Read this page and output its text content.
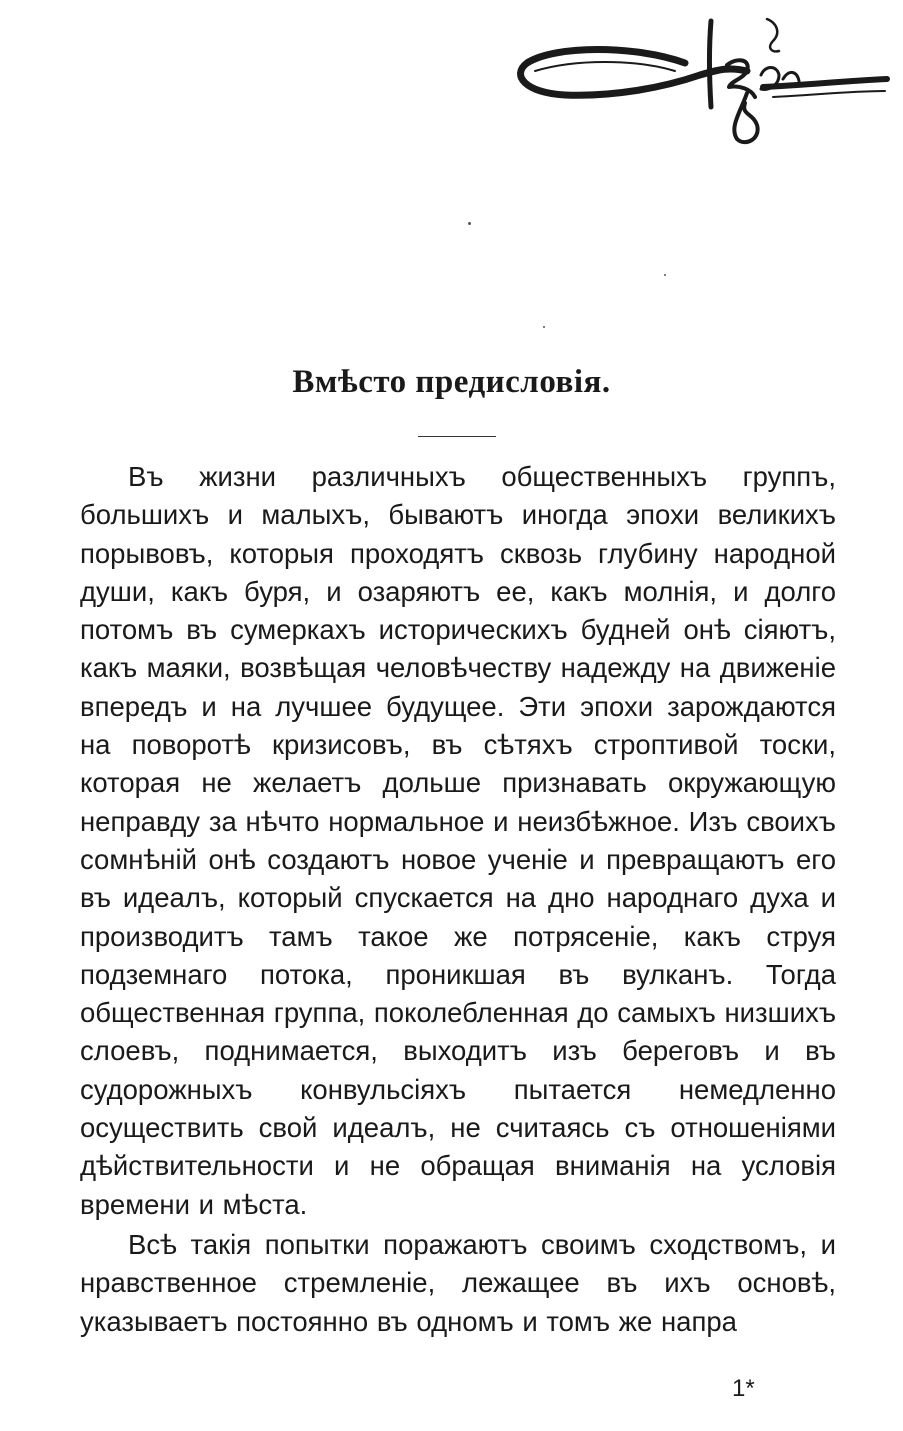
Вмѣсто предисловія.

Въ жизни различныхъ общественныхъ группъ, большихъ и малыхъ, бываютъ иногда эпохи великихъ порывовъ, которыя проходятъ сквозь глубину народной души, какъ буря, и озаряютъ ее, какъ молнія, и долго потомъ въ сумеркахъ историческихъ будней онѣ сіяютъ, какъ маяки, возвѣщая человѣчеству надежду на движеніе впередъ и на лучшее будущее. Эти эпохи зарождаются на поворотѣ кризисовъ, въ сѣтяхъ строптивой тоски, которая не желаетъ дольше признавать окружающую неправду за нѣчто нормальное и неизбѣжное. Изъ своихъ сомнѣній онѣ создаютъ новое ученіе и превращаютъ его въ идеалъ, который спускается на дно народнаго духа и производитъ тамъ такое же потрясеніе, какъ струя подземнаго потока, проникшая въ вулканъ. Тогда общественная группа, поколебленная до самыхъ низшихъ слоевъ, поднимается, выходитъ изъ береговъ и въ судорожныхъ конвульсіяхъ пытается немедленно осуществить свой идеалъ, не считаясь съ отношеніями дѣйствительности и не обращая вниманія на условія времени и мѣста.

Всѣ такія попытки поражаютъ своимъ сходствомъ, и нравственное стремленіе, лежащее въ ихъ основѣ, указываетъ постоянно въ одномъ и томъ же напра

1*
